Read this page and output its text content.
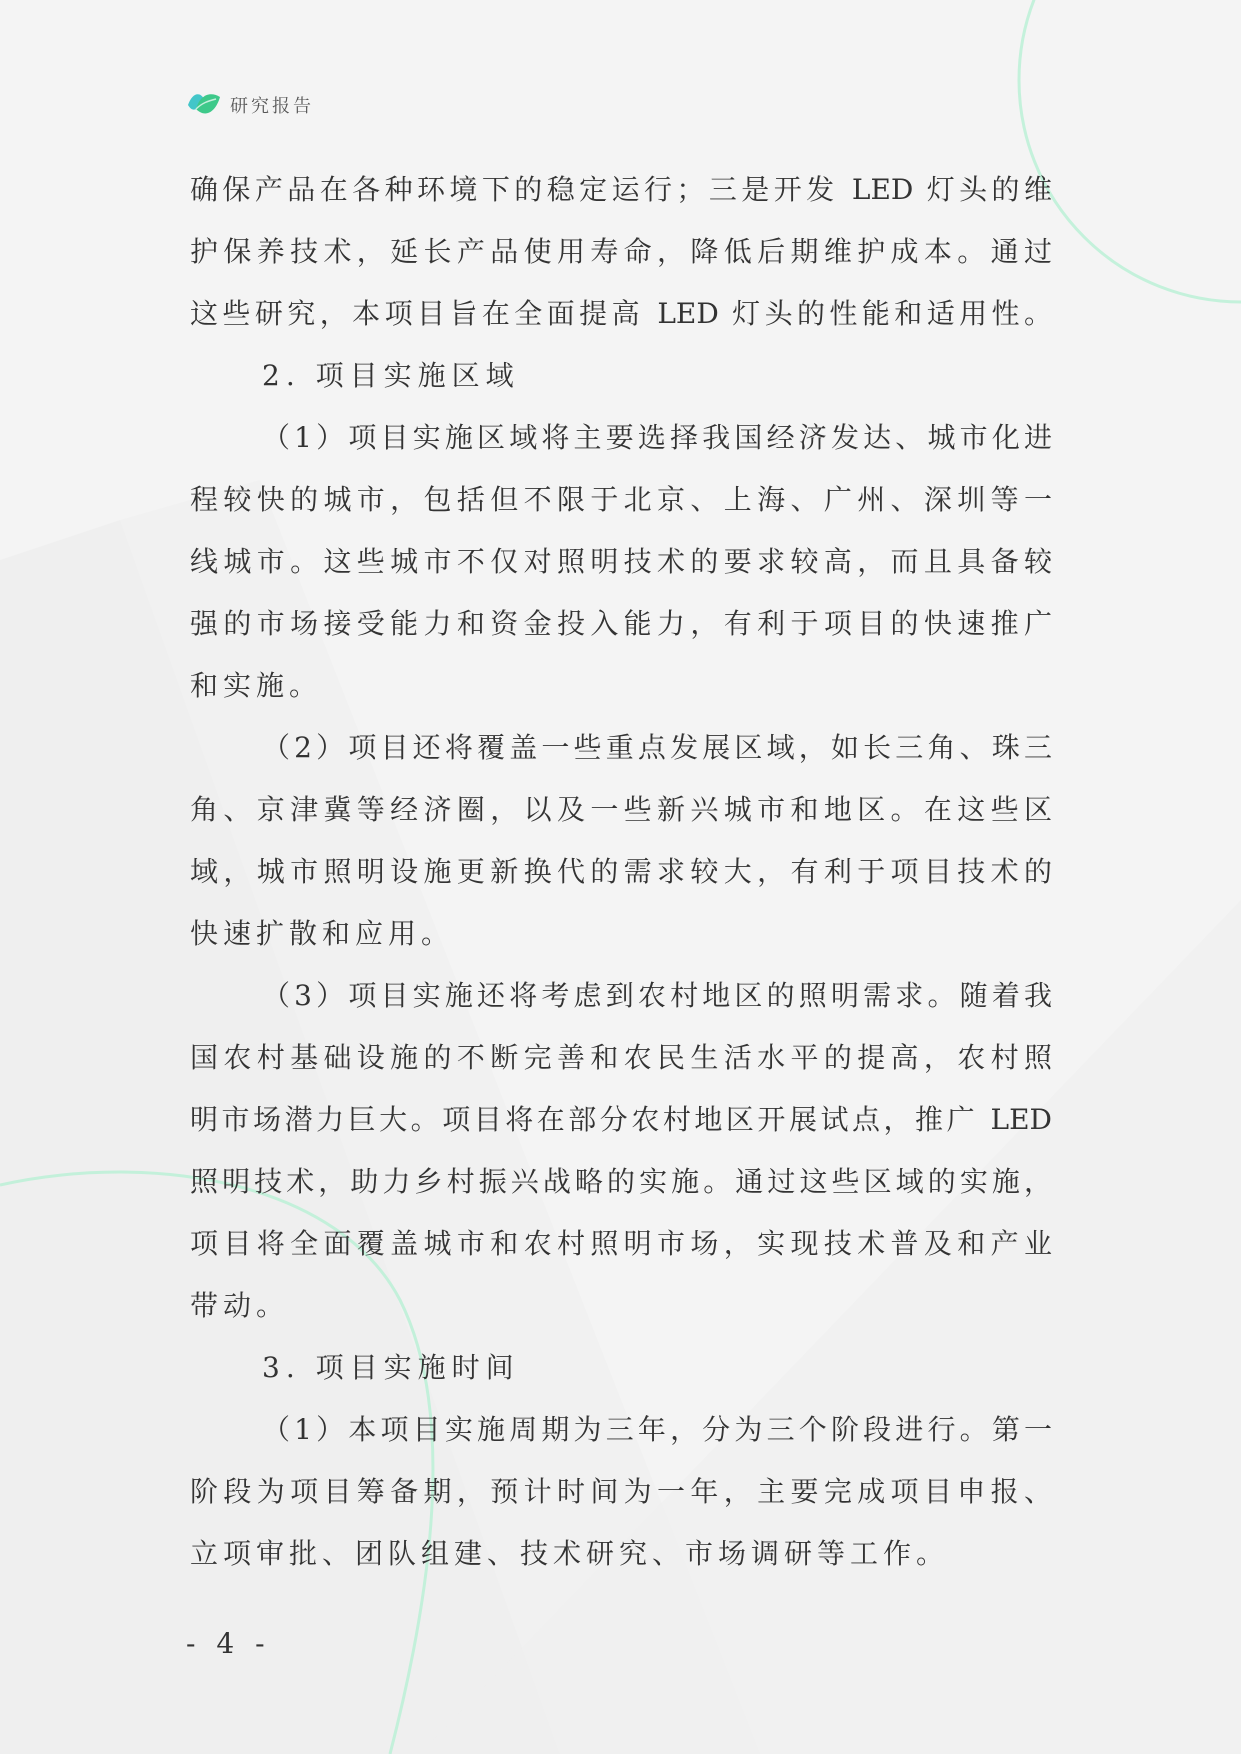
研究报告
确保产品在各种环境下的稳定运行；三是开发 LED 灯头的维
护保养技术，延长产品使用寿命，降低后期维护成本。通过
这些研究，本项目旨在全面提高 LED 灯头的性能和适用性。
2. 项目实施区域
（1）项目实施区域将主要选择我国经济发达、城市化进
程较快的城市，包括但不限于北京、上海、广州、深圳等一
线城市。这些城市不仅对照明技术的要求较高，而且具备较
强的市场接受能力和资金投入能力，有利于项目的快速推广
和实施。
（2）项目还将覆盖一些重点发展区域，如长三角、珠三
角、京津冀等经济圈，以及一些新兴城市和地区。在这些区
域，城市照明设施更新换代的需求较大，有利于项目技术的
快速扩散和应用。
（3）项目实施还将考虑到农村地区的照明需求。随着我
国农村基础设施的不断完善和农民生活水平的提高，农村照
明市场潜力巨大。项目将在部分农村地区开展试点，推广 LED
照明技术，助力乡村振兴战略的实施。通过这些区域的实施，
项目将全面覆盖城市和农村照明市场，实现技术普及和产业
带动。
3. 项目实施时间
（1）本项目实施周期为三年，分为三个阶段进行。第一
阶段为项目筹备期，预计时间为一年，主要完成项目申报、
立项审批、团队组建、技术研究、市场调研等工作。
- 4 -
